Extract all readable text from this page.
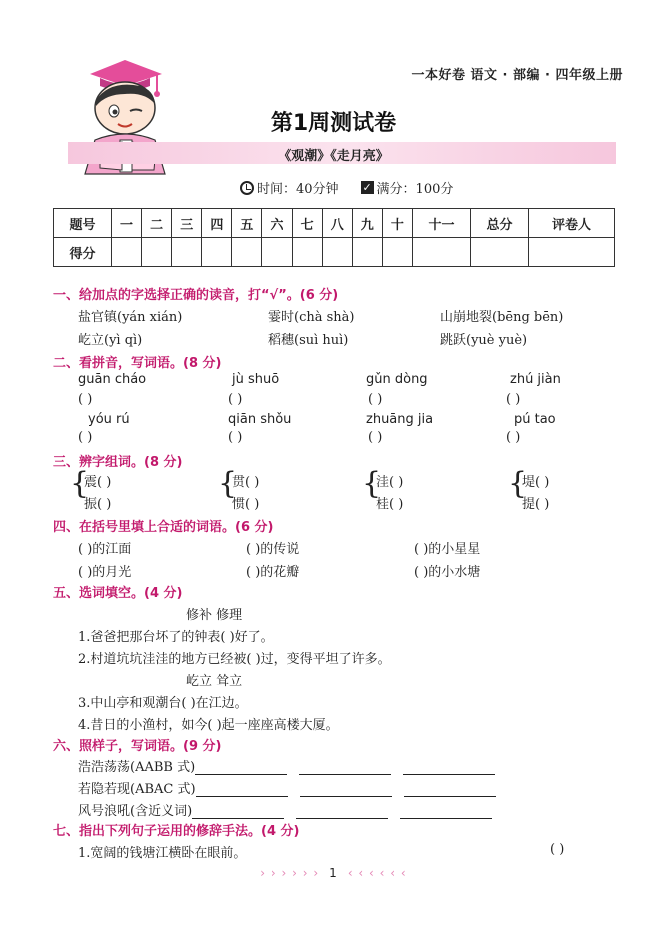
一本好卷 语文 · 部编 · 四年级上册
第1周测试卷
《观潮》《走月亮》
时间：40分钟 ✓ 满分：100分
题号	一	二	三	四	五	六	七	八	九	十	十一	总分	评卷人
得分													
一、给加点的字选择正确的读音，打“√”。(6 分)
盐官镇(yán xián)	霎时(chà shà)	山崩地裂(bēng bēn)
屹立(yì qì)	稻穗(suì huì)	跳跃(yuè yuè)
二、看拼音，写词语。(8 分)
guān cháo	jù shuō	gǔn dòng	zhú jiàn
( )	( )	( )	( )
yóu rú	qiān shǒu	zhuāng jia	pú tao
( )	( )	( )	( )
三、辨字组词。(8 分)
{	{	{	{
震( )	贯( )	洼( )	堤( )
振( )	惯( )	桂( )	提( )
四、在括号里填上合适的词语。(6 分)
( )的江面	( )的传说	( )的小星星
( )的月光	( )的花瓣	( )的小水塘
五、选词填空。(4 分)
修补 修理
1.爸爸把那台坏了的钟表( )好了。
2.村道坑坑洼洼的地方已经被( )过，变得平坦了许多。
屹立 耸立
3.中山亭和观潮台( )在江边。
4.昔日的小渔村，如今( )起一座座高楼大厦。
六、照样子，写词语。(9 分)
浩浩荡荡(AABB 式)
若隐若现(ABAC 式)
风号浪吼(含近义词)
七、指出下列句子运用的修辞手法。(4 分)
1.宽阔的钱塘江横卧在眼前。	( )
› › › › › › 1 ‹ ‹ ‹ ‹ ‹ ‹
